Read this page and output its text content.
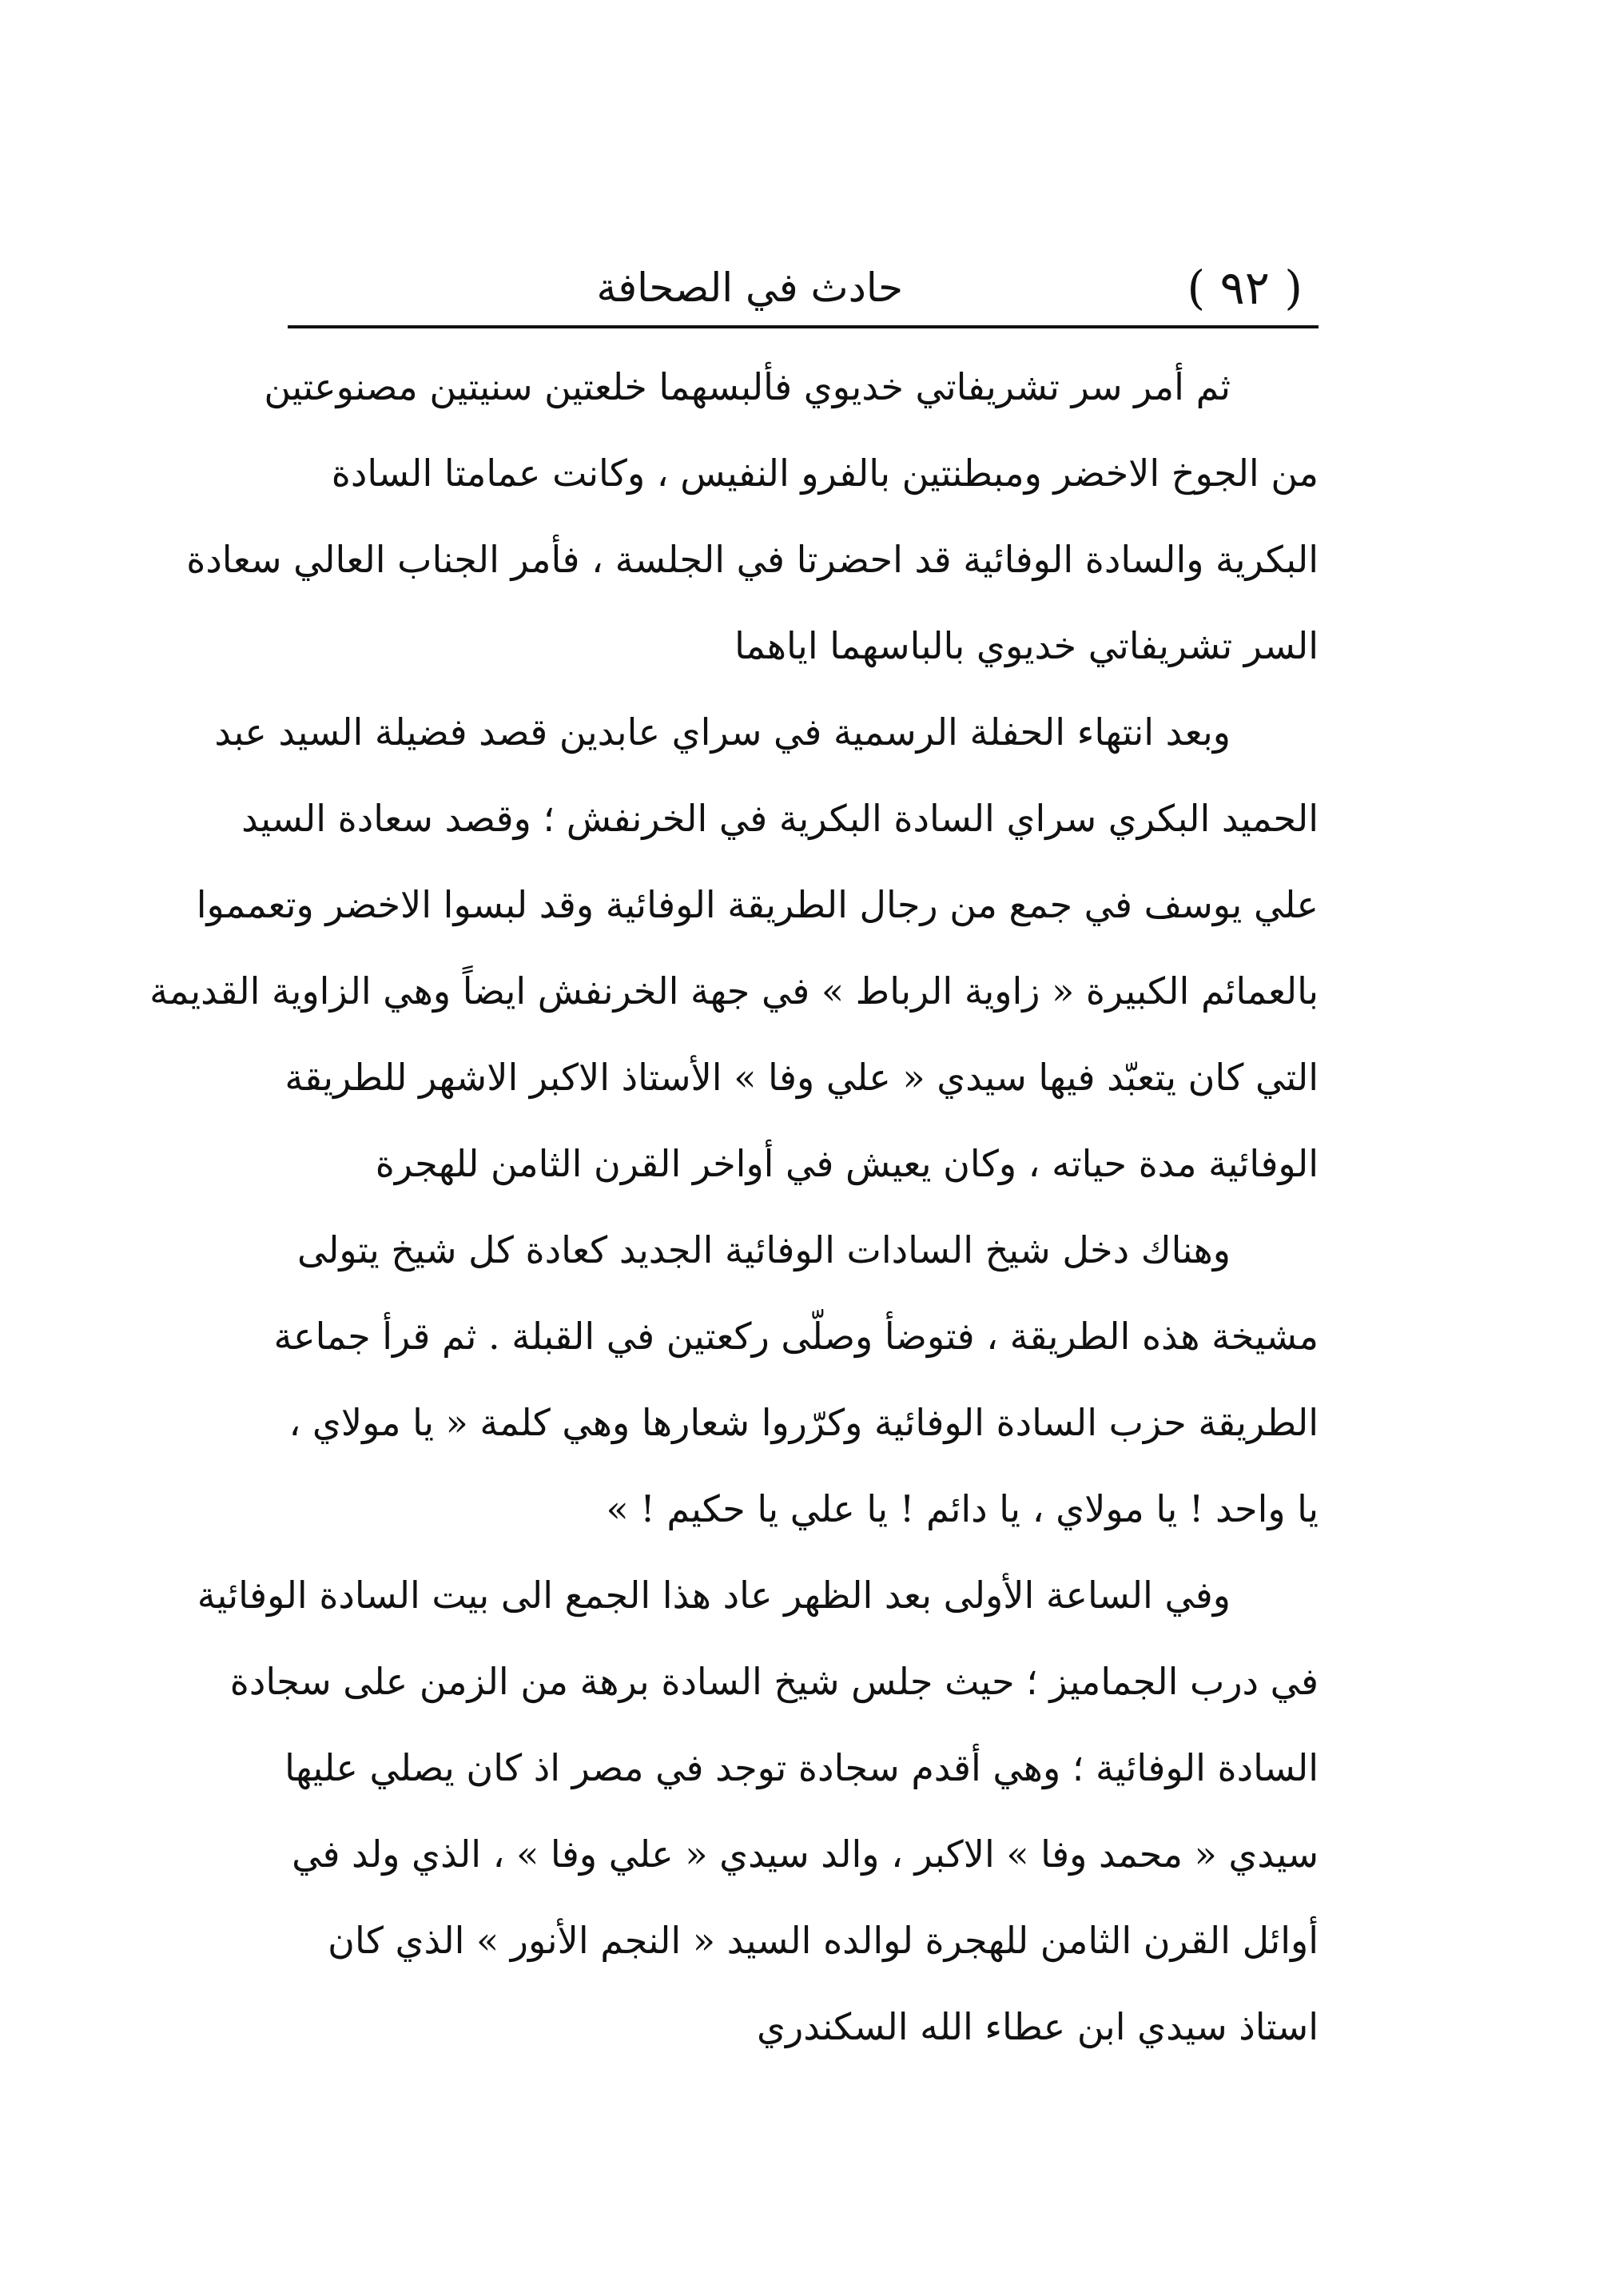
( ٩٢ )
حادث في الصحافة
ثم أمر سر تشريفاتي خديوي فألبسهما خلعتين سنيتين مصنوعتين
من الجوخ الاخضر ومبطنتين بالفرو النفيس ، وكانت عمامتا السادة
البكرية والسادة الوفائية قد احضرتا في الجلسة ، فأمر الجناب العالي سعادة
السر تشريفاتي خديوي بالباسهما اياهما
وبعد انتهاء الحفلة الرسمية في سراي عابدين قصد فضيلة السيد عبد
الحميد البكري سراي السادة البكرية في الخرنفش ؛ وقصد سعادة السيد
علي يوسف في جمع من رجال الطريقة الوفائية وقد لبسوا الاخضر وتعمموا
بالعمائم الكبيرة « زاوية الرباط » في جهة الخرنفش ايضاً وهي الزاوية القديمة
التي كان يتعبّد فيها سيدي « علي وفا » الأستاذ الاكبر الاشهر للطريقة
الوفائية مدة حياته ، وكان يعيش في أواخر القرن الثامن للهجرة
وهناك دخل شيخ السادات الوفائية الجديد كعادة كل شيخ يتولى
مشيخة هذه الطريقة ، فتوضأ وصلّى ركعتين في القبلة . ثم قرأ جماعة
الطريقة حزب السادة الوفائية وكرّروا شعارها وهي كلمة « يا مولاي ،
يا واحد ! يا مولاي ، يا دائم ! يا علي يا حكيم ! »
وفي الساعة الأولى بعد الظهر عاد هذا الجمع الى بيت السادة الوفائية
في درب الجماميز ؛ حيث جلس شيخ السادة برهة من الزمن على سجادة
السادة الوفائية ؛ وهي أقدم سجادة توجد في مصر اذ كان يصلي عليها
سيدي « محمد وفا » الاكبر ، والد سيدي « علي وفا » ، الذي ولد في
أوائل القرن الثامن للهجرة لوالده السيد « النجم الأنور » الذي كان
استاذ سيدي ابن عطاء الله السكندري
